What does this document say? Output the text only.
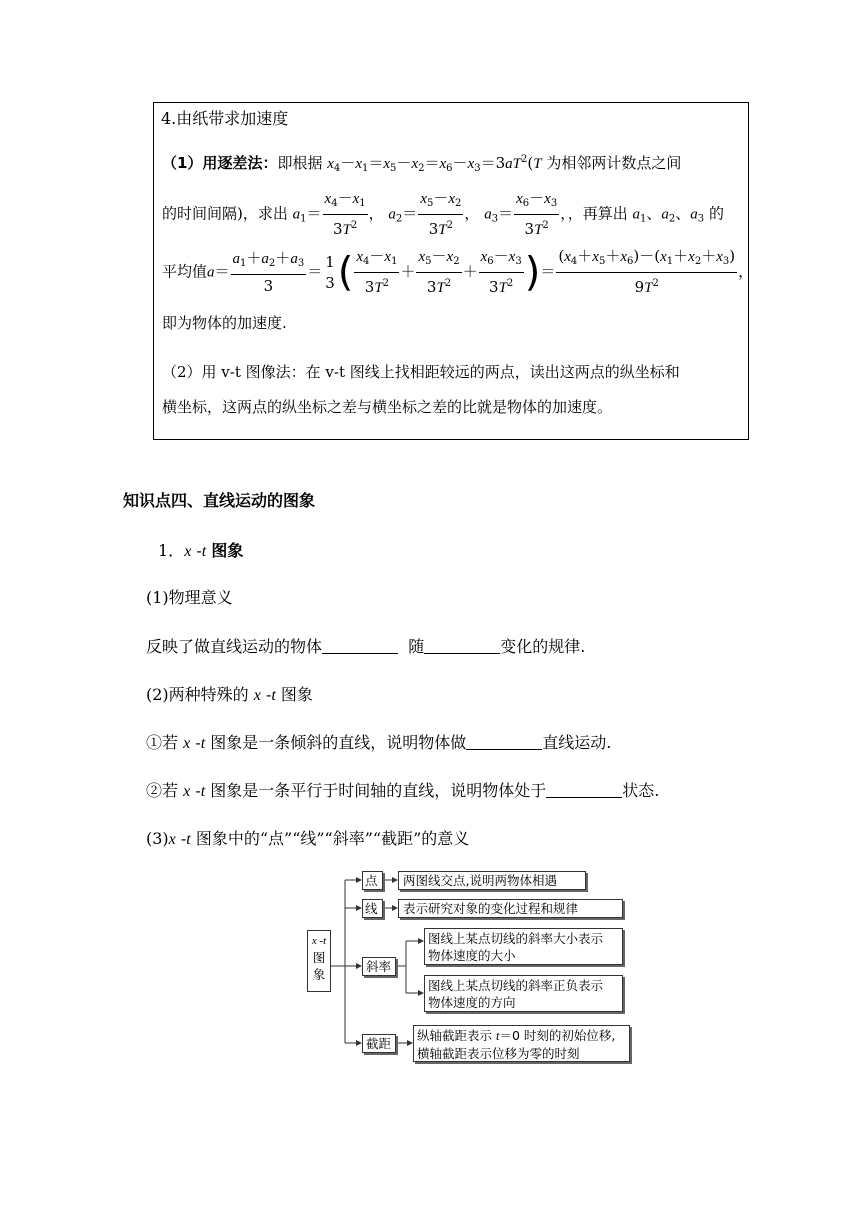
4.由纸带求加速度
（1）用逐差法：即根据 $x_4-x_1=x_5-x_2=x_6-x_3=3aT^2(T$ 为相邻两计数点之间
的时间间隔)，求出 $a_1= \frac{x_4-x_1}{3T^2}$ ， $a_2= \frac{x_5-x_2}{3T^2}$ ， $a_3= \frac{x_6-x_3}{3T^2}$ ，，再算出 $a_1$、$a_2$、$a_3$ 的
平均值$a= \frac{a_1+a_2+a_3}{3}$ ＝
1
3 ( $\frac{x_4-x_1}{3T^2} + \frac{x_5-x_2}{3T^2} + \frac{x_6-x_3}{3T^2}$ )＝ $\frac{(x_4+x_5+x_6)-(x_1+x_2+x_3)}{9T^2}$ ，
即为物体的加速度.
（2）用 v-t 图像法：在 v-t 图线上找相距较远的两点，读出这两点的纵坐标和
横坐标，这两点的纵坐标之差与横坐标之差的比就是物体的加速度。
知识点四、直线运动的图象
1．x -t 图象
(1)物理意义
反映了做直线运动的物体	随	变化的规律.
(2)两种特殊的 x -t 图象
①若 x -t 图象是一条倾斜的直线，说明物体做	直线运动.
②若 x -t 图象是一条平行于时间轴的直线，说明物体处于	状态.
(3)x -t 图象中的“点”“线”“斜率”“截距”的意义
x -t
图
象
点	两图线交点,说明两物体相遇
线	表示研究对象的变化过程和规律
斜率
图线上某点切线的斜率大小表示
物体速度的大小
图线上某点切线的斜率正负表示
物体速度的方向
截距
纵轴截距表示 t＝0 时刻的初始位移,
横轴截距表示位移为零的时刻
